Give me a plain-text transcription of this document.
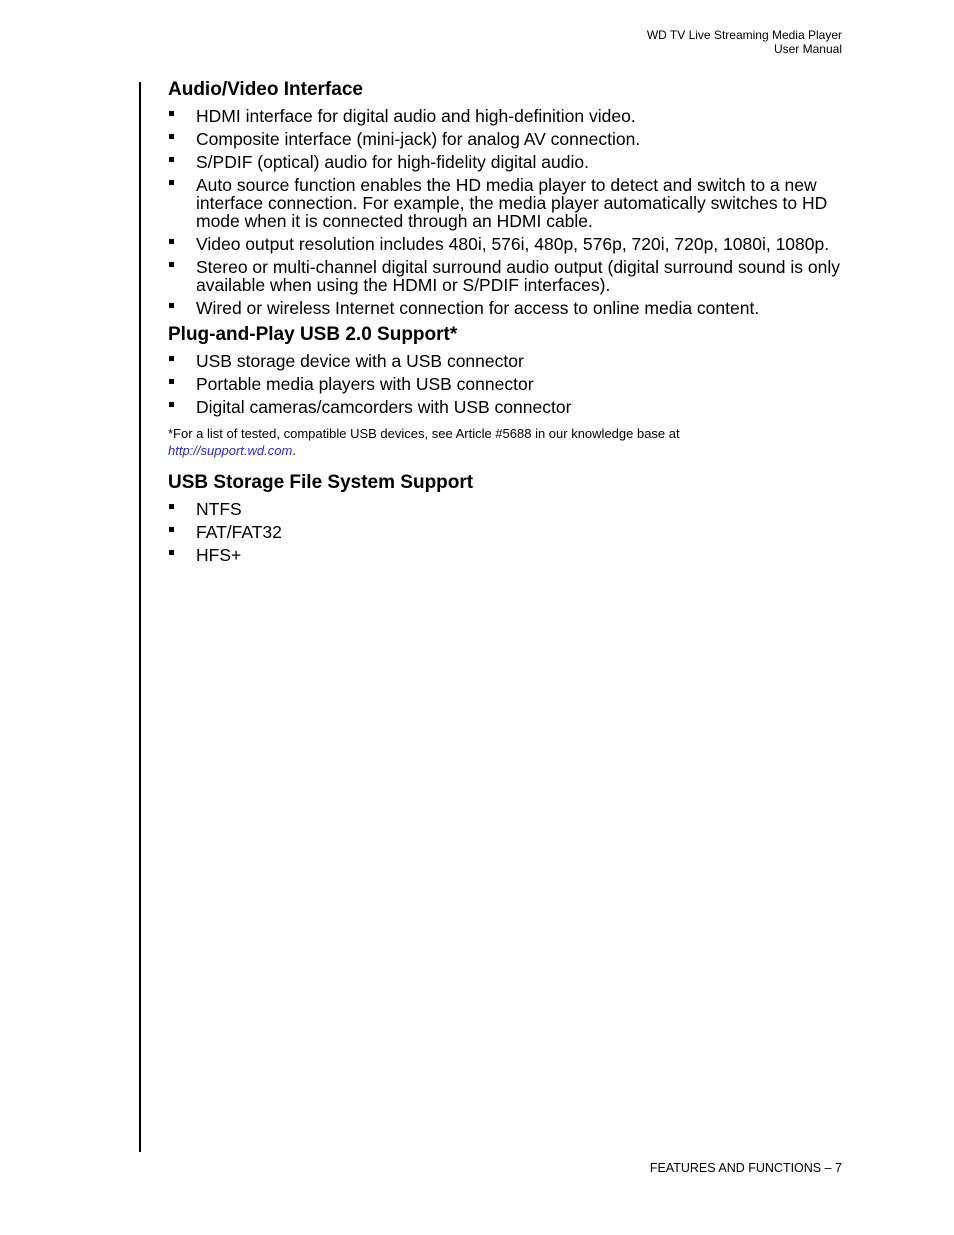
WD TV Live Streaming Media Player
User Manual
Audio/Video Interface
HDMI interface for digital audio and high-definition video.
Composite interface (mini-jack) for analog AV connection.
S/PDIF (optical) audio for high-fidelity digital audio.
Auto source function enables the HD media player to detect and switch to a new interface connection. For example, the media player automatically switches to HD mode when it is connected through an HDMI cable.
Video output resolution includes 480i, 576i, 480p, 576p, 720i, 720p, 1080i, 1080p.
Stereo or multi-channel digital surround audio output (digital surround sound is only available when using the HDMI or S/PDIF interfaces).
Wired or wireless Internet connection for access to online media content.
Plug-and-Play USB 2.0 Support*
USB storage device with a USB connector
Portable media players with USB connector
Digital cameras/camcorders with USB connector
*For a list of tested, compatible USB devices, see Article #5688 in our knowledge base at
http://support.wd.com.
USB Storage File System Support
NTFS
FAT/FAT32
HFS+
FEATURES AND FUNCTIONS – 7
